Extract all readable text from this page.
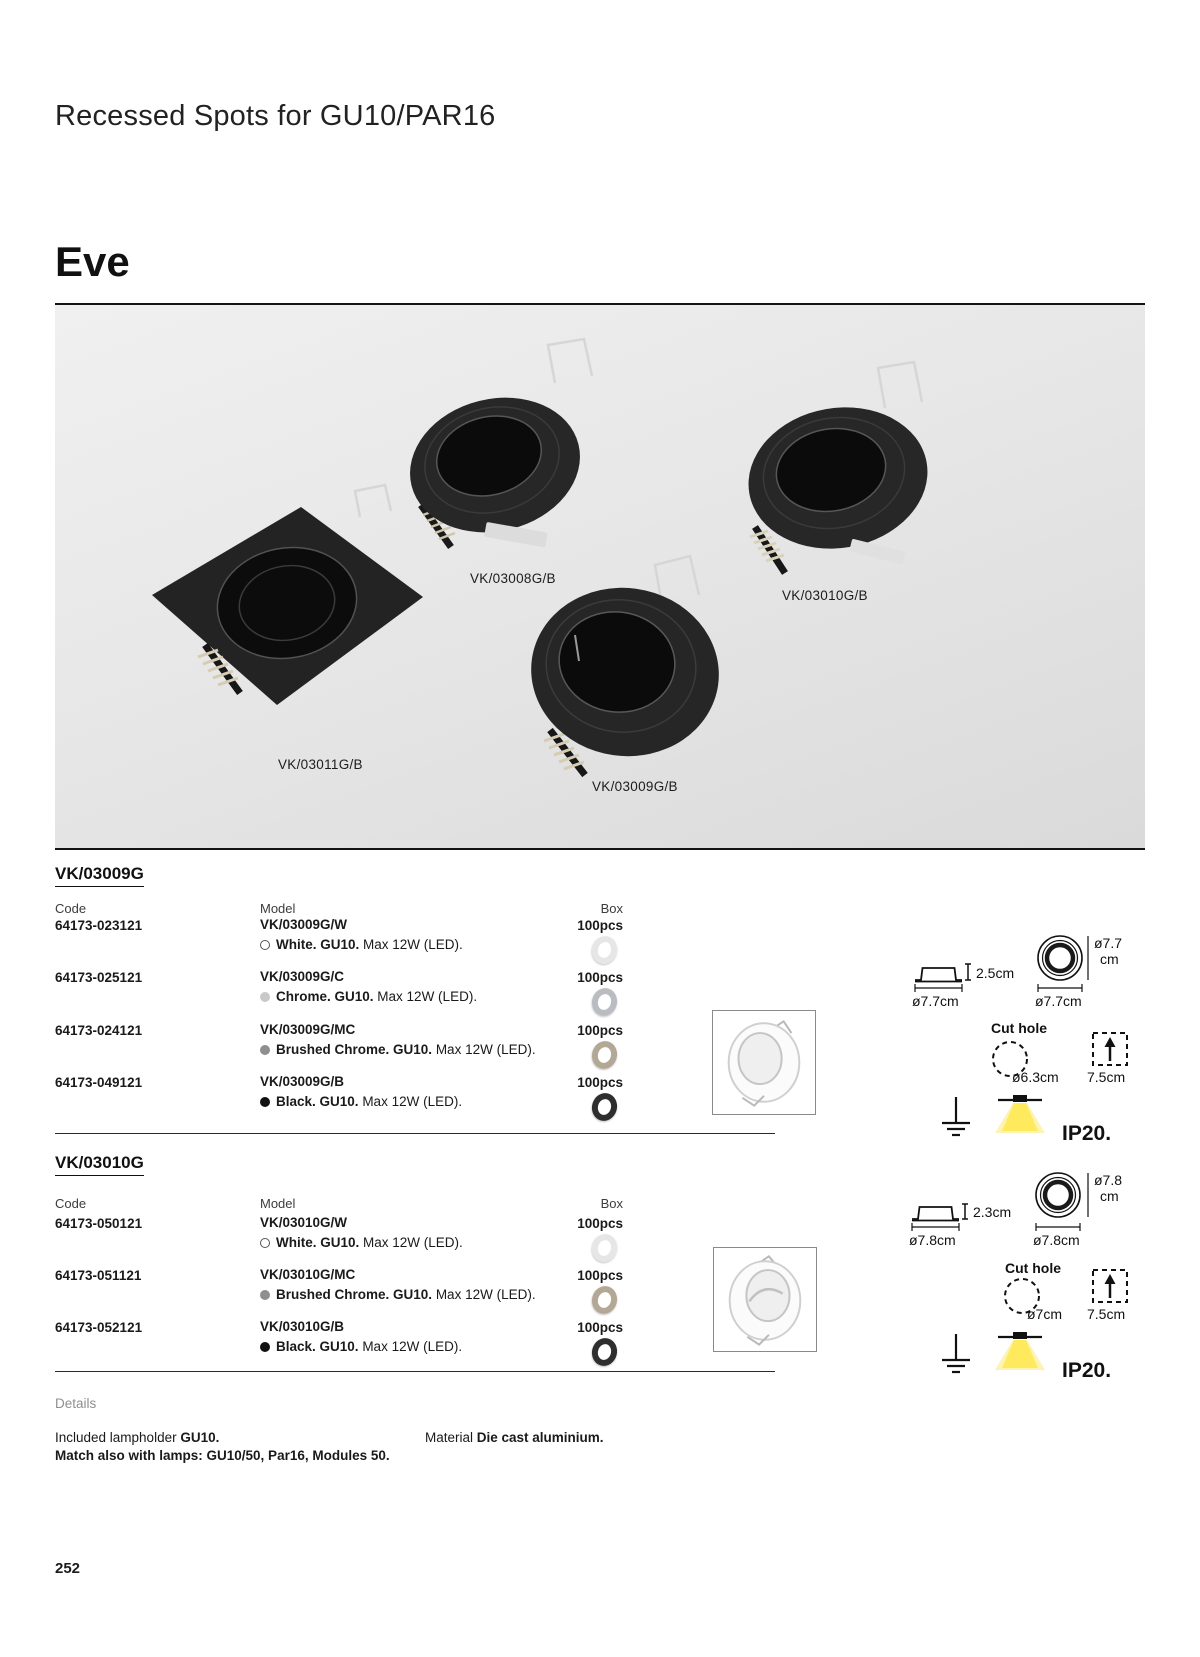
Recessed Spots for GU10/PAR16
Eve
VK/03008G/B
VK/03010G/B
VK/03011G/B
VK/03009G/B
VK/03009G
Code	Model	Box
64173-023121	VK/03009G/W
White. GU10. Max 12W (LED).
100pcs
64173-025121	VK/03009G/C
Chrome. GU10. Max 12W (LED).
100pcs
64173-024121	VK/03009G/MC
Brushed Chrome. GU10. Max 12W (LED).
100pcs
64173-049121	VK/03009G/B
Black. GU10. Max 12W (LED).
100pcs
2.5cm
ø7.7cm
ø7.7
cm
ø7.7cm
Cut hole
ø6.3cm 7.5cm
IP20.
VK/03010G
Code	Model	Box
64173-050121	VK/03010G/W
White. GU10. Max 12W (LED).
100pcs
64173-051121	VK/03010G/MC
Brushed Chrome. GU10. Max 12W (LED).
100pcs
64173-052121	VK/03010G/B
Black. GU10. Max 12W (LED).
100pcs
2.3cm
ø7.8cm
ø7.8
cm
ø7.8cm
Cut hole
ø7cm 7.5cm
IP20.
Details
Included lampholder GU10.
Match also with lamps: GU10/50, Par16, Modules 50.
Material Die cast aluminium.
252
